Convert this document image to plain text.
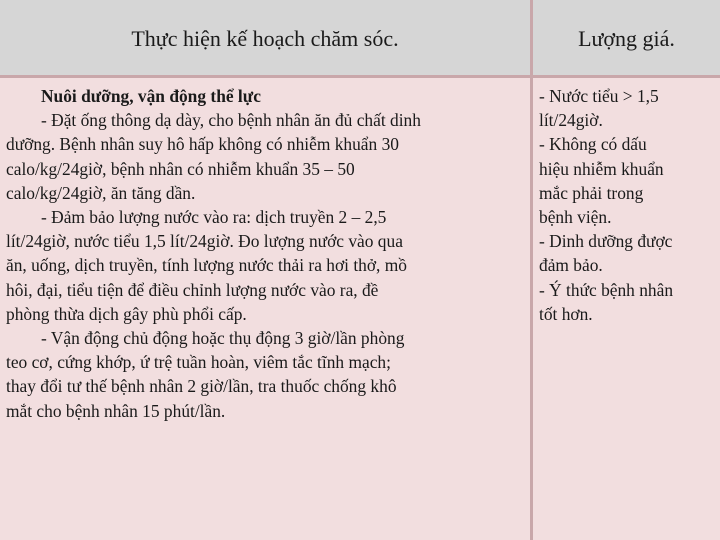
Thực hiện kế hoạch chăm sóc.	Lượng giá.
Nuôi dưỡng, vận động thể lực
- Đặt ống thông dạ dày, cho bệnh nhân ăn đủ chất dinh
dưỡng. Bệnh nhân suy hô hấp không có nhiễm khuẩn 30
calo/kg/24giờ, bệnh nhân có nhiễm khuẩn 35 – 50
calo/kg/24giờ, ăn tăng dần.
- Đảm bảo lượng nước vào ra: dịch truyền 2 – 2,5
lít/24giờ, nước tiểu 1,5 lít/24giờ. Đo lượng nước vào qua
ăn, uống, dịch truyền, tính lượng nước thải ra hơi thở, mồ
hôi, đại, tiểu tiện để điều chỉnh lượng nước vào ra, đề
phòng thừa dịch gây phù phổi cấp.
- Vận động chủ động hoặc thụ động 3 giờ/lần phòng
teo cơ, cứng khớp, ứ trệ tuần hoàn, viêm tắc tĩnh mạch;
thay đổi tư thế bệnh nhân 2 giờ/lần, tra thuốc chống khô
mắt cho bệnh nhân 15 phút/lần.
- Nước tiểu > 1,5
lít/24giờ.
- Không có dấu
hiệu nhiễm khuẩn
mắc phải trong
bệnh viện.
- Dinh dưỡng được
đảm bảo.
- Ý thức bệnh nhân
tốt hơn.
